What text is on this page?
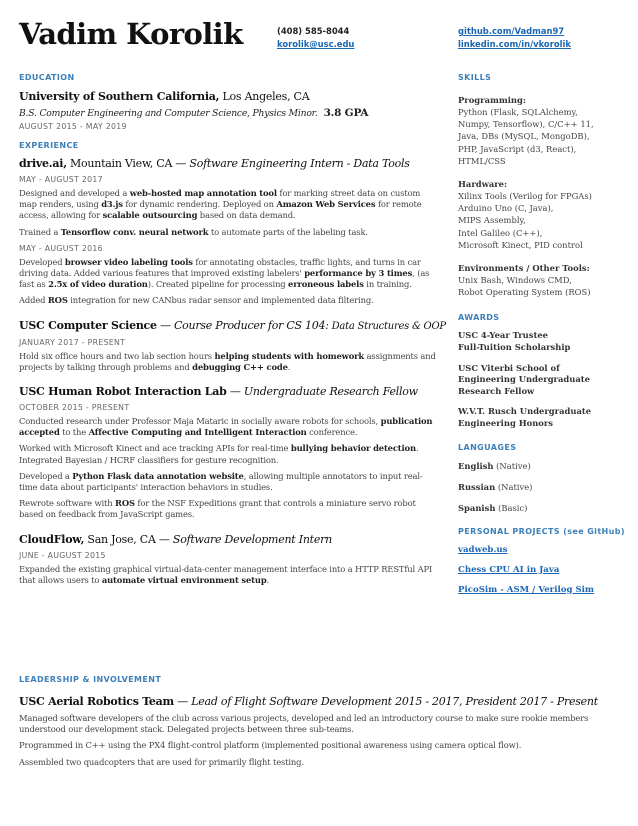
Vadim Korolik	(408) 585-8044
korolik@usc.edu
github.com/Vadman97
linkedin.com/in/vkorolik
EDUCATION
University of Southern California, Los Angeles, CA
B.S. Computer Engineering and Computer Science, Physics Minor. 3.8 GPA
AUGUST 2015 - MAY 2019
EXPERIENCE
drive.ai, Mountain View, CA — Software Engineering Intern - Data Tools
MAY - AUGUST 2017

Designed and developed a web-hosted map annotation tool for marking street data on custom map renders, using d3.js for dynamic rendering. Deployed on Amazon Web Services for remote access, allowing for scalable outsourcing based on data demand.

Trained a Tensorflow conv. neural network to automate parts of the labeling task.

MAY - AUGUST 2016

Developed browser video labeling tools for annotating obstacles, traffic lights, and turns in car driving data. Added various features that improved existing labelers' performance by 3 times, (as fast as 2.5x of video duration). Created pipeline for processing erroneous labels in training.

Added ROS integration for new CANbus radar sensor and implemented data filtering.

USC Computer Science — Course Producer for CS 104: Data Structures & OOP
JANUARY 2017 - PRESENT

Hold six office hours and two lab section hours helping students with homework assignments and projects by talking through problems and debugging C++ code.

USC Human Robot Interaction Lab — Undergraduate Research Fellow
OCTOBER 2015 - PRESENT

Conducted research under Professor Maja Mataric in socially aware robots for schools, publication accepted to the Affective Computing and Intelligent Interaction conference.

Worked with Microsoft Kinect and ace tracking APIs for real-time bullying behavior detection. Integrated Bayesian / HCRF classifiers for gesture recognition.

Developed a Python Flask data annotation website, allowing multiple annotators to input real-time data about participants' interaction behaviors in studies.

Rewrote software with ROS for the NSF Expeditions grant that controls a miniature servo robot based on feedback from JavaScript games.

CloudFlow, San Jose, CA — Software Development Intern
JUNE - AUGUST 2015

Expanded the existing graphical virtual-data-center management interface into a HTTP RESTful API that allows users to automate virtual environment setup.

LEADERSHIP & INVOLVEMENT
USC Aerial Robotics Team — Lead of Flight Software Development 2015 - 2017, President 2017 - Present

Managed software developers of the club across various projects, developed and led an introductory course to make sure rookie members understood our development stack. Delegated projects between three sub-teams.

Programmed in C++ using the PX4 flight-control platform (implemented positional awareness using camera optical flow).

Assembled two quadcopters that are used for primarily flight testing.

SKILLS
Programming:
Python (Flask, SQLAlchemy,
Numpy, Tensorflow), C/C++ 11,
Java, DBs (MySQL, MongoDB),
PHP, JavaScript (d3, React),
HTML/CSS
Hardware:
Xilinx Tools (Verilog for FPGAs)
Arduino Uno (C, Java),
MIPS Assembly,
Intel Galileo (C++),
Microsoft Kinect, PID control
Environments / Other Tools:
Unix Bash, Windows CMD,
Robot Operating System (ROS)
AWARDS
USC 4-Year Trustee
Full-Tuition Scholarship
USC Viterbi School of
Engineering Undergraduate
Research Fellow
W.V.T. Rusch Undergraduate
Engineering Honors
LANGUAGES
English (Native)
Russian (Native)
Spanish (Basic)
PERSONAL PROJECTS (see GitHub)
vadweb.us
Chess CPU AI in Java
PicoSim - ASM / Verilog Sim
